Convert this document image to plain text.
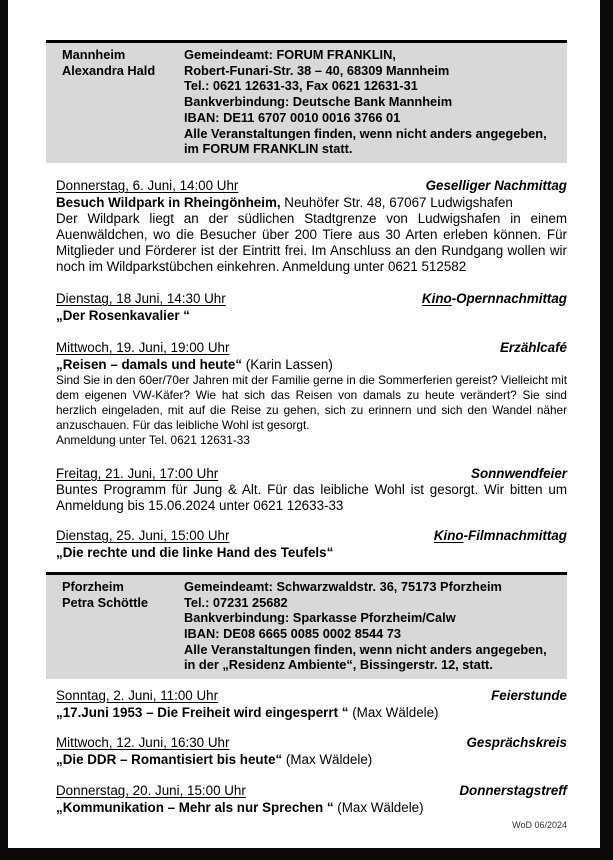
Mannheim
Alexandra Hald
Gemeindeamt: FORUM FRANKLIN,
Robert-Funari-Str. 38 – 40, 68309 Mannheim
Tel.: 0621 12631-33, Fax 0621 12631-31
Bankverbindung: Deutsche Bank Mannheim
IBAN: DE11 6707 0010 0016 3766 01
Alle Veranstaltungen finden, wenn nicht anders angegeben,
im FORUM FRANKLIN statt.
Donnerstag, 6. Juni, 14:00 Uhr	Geselliger Nachmittag
Besuch Wildpark in Rheingönheim, Neuhöfer Str. 48, 67067 Ludwigshafen
Der Wildpark liegt an der südlichen Stadtgrenze von Ludwigshafen in einem Auenwäldchen, wo die Besucher über 200 Tiere aus 30 Arten erleben können. Für Mitglieder und Förderer ist der Eintritt frei. Im Anschluss an den Rundgang wollen wir noch im Wildparkstübchen einkehren. Anmeldung unter 0621 512582
Dienstag, 18 Juni, 14:30 Uhr	Kino-Opernnachmittag
„Der Rosenkavalier “
Mittwoch, 19. Juni, 19:00 Uhr	Erzählcafé
„Reisen – damals und heute“ (Karin Lassen)
Sind Sie in den 60er/70er Jahren mit der Familie gerne in die Sommerferien gereist? Vielleicht mit dem eigenen VW-Käfer? Wie hat sich das Reisen von damals zu heute verändert? Sie sind herzlich eingeladen, mit auf die Reise zu gehen, sich zu erinnern und sich den Wandel näher anzuschauen. Für das leibliche Wohl ist gesorgt.
Anmeldung unter Tel. 0621 12631-33
Freitag, 21. Juni, 17:00 Uhr	Sonnwendfeier
Buntes Programm für Jung & Alt. Für das leibliche Wohl ist gesorgt. Wir bitten um Anmeldung bis 15.06.2024 unter 0621 12633-33
Dienstag, 25. Juni, 15:00 Uhr	Kino-Filmnachmittag
„Die rechte und die linke Hand des Teufels“
Pforzheim
Petra Schöttle
Gemeindeamt: Schwarzwaldstr. 36, 75173 Pforzheim
Tel.: 07231 25682
Bankverbindung: Sparkasse Pforzheim/Calw
IBAN: DE08 6665 0085 0002 8544 73
Alle Veranstaltungen finden, wenn nicht anders angegeben,
in der „Residenz Ambiente“, Bissingerstr. 12, statt.
Sonntag, 2. Juni, 11:00 Uhr	Feierstunde
„17.Juni 1953 – Die Freiheit wird eingesperrt “ (Max Wäldele)
Mittwoch, 12. Juni, 16:30 Uhr	Gesprächskreis
„Die DDR – Romantisiert bis heute“ (Max Wäldele)
Donnerstag, 20. Juni, 15:00 Uhr	Donnerstagstreff
„Kommunikation – Mehr als nur Sprechen “ (Max Wäldele)
WoD 06/2024
